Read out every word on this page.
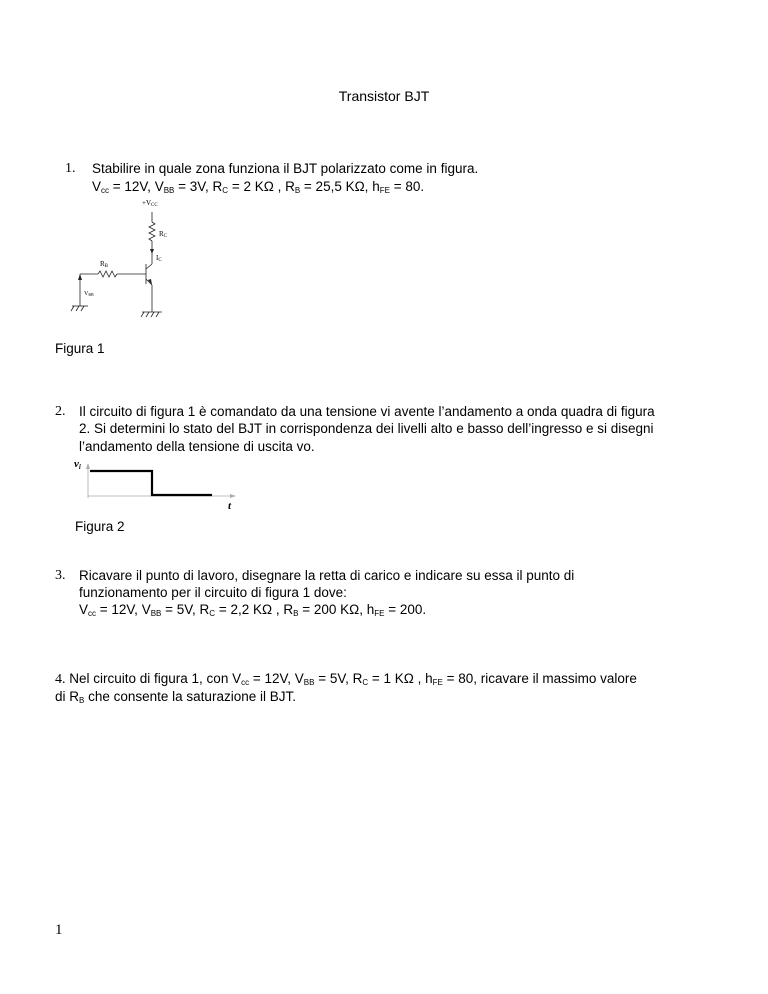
Transistor BJT
1. Stabilire in quale zona funziona il BJT polarizzato come in figura.
$V_{cc} = 12V$, $V_{BB} = 3V$, $R_C = 2$ KΩ , $R_B = 25,5$ KΩ, $h_{FE} = 80$.
+VCC
RC
IC
RB
VBB
Figura 1
2. Il circuito di figura 1 è comandato da una tensione vi avente l’andamento a onda quadra di figura
2. Si determini lo stato del BJT in corrispondenza dei livelli alto e basso dell’ingresso e si disegni
l’andamento della tensione di uscita vo.
vi
t
Figura 2
3. Ricavare il punto di lavoro, disegnare la retta di carico e indicare su essa il punto di
funzionamento per il circuito di figura 1 dove:
$V_{cc} = 12V$, $V_{BB} = 5V$, $R_C = 2,2$ KΩ , $R_B = 200$ KΩ, $h_{FE} = 200$.
4. Nel circuito di figura 1, con $V_{cc} = 12V$, $V_{BB} = 5V$, $R_C = 1$ KΩ , $h_{FE} = 80$, ricavare il massimo valore
di $R_B$ che consente la saturazione il BJT.
1
